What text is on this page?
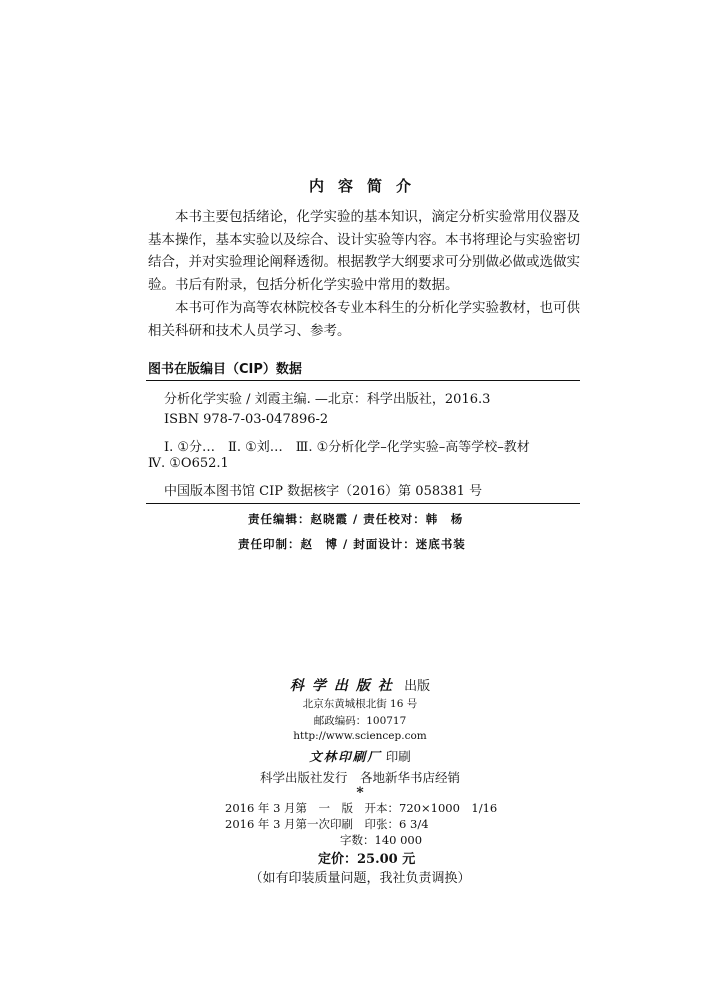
内容简介

本书主要包括绪论，化学实验的基本知识，滴定分析实验常用仪器及基本操作，基本实验以及综合、设计实验等内容。本书将理论与实验密切结合，并对实验理论阐释透彻。根据教学大纲要求可分别做必做或选做实验。书后有附录，包括分析化学实验中常用的数据。

本书可作为高等农林院校各专业本科生的分析化学实验教材，也可供相关科研和技术人员学习、参考。

图书在版编目（CIP）数据
分析化学实验 / 刘霞主编. —北京：科学出版社，2016.3
ISBN 978-7-03-047896-2
Ⅰ. ①分…　Ⅱ. ①刘…　Ⅲ. ①分析化学–化学实验–高等学校–教材
Ⅳ. ①O652.1
中国版本图书馆 CIP 数据核字（2016）第 058381 号
责任编辑：赵晓霞 / 责任校对：韩　杨
责任印制：赵　博 / 封面设计：迷底书装
科学出版社 出版
北京东黄城根北街 16 号
邮政编码：100717
http://www.sciencep.com
文林印刷厂 印刷
科学出版社发行　各地新华书店经销
*
2016 年 3 月第　一　版　开本：720×1000　1/16
2016 年 3 月第一次印刷　印张：6 3/4
字数：140 000
定价：25.00 元
（如有印装质量问题，我社负责调换）
